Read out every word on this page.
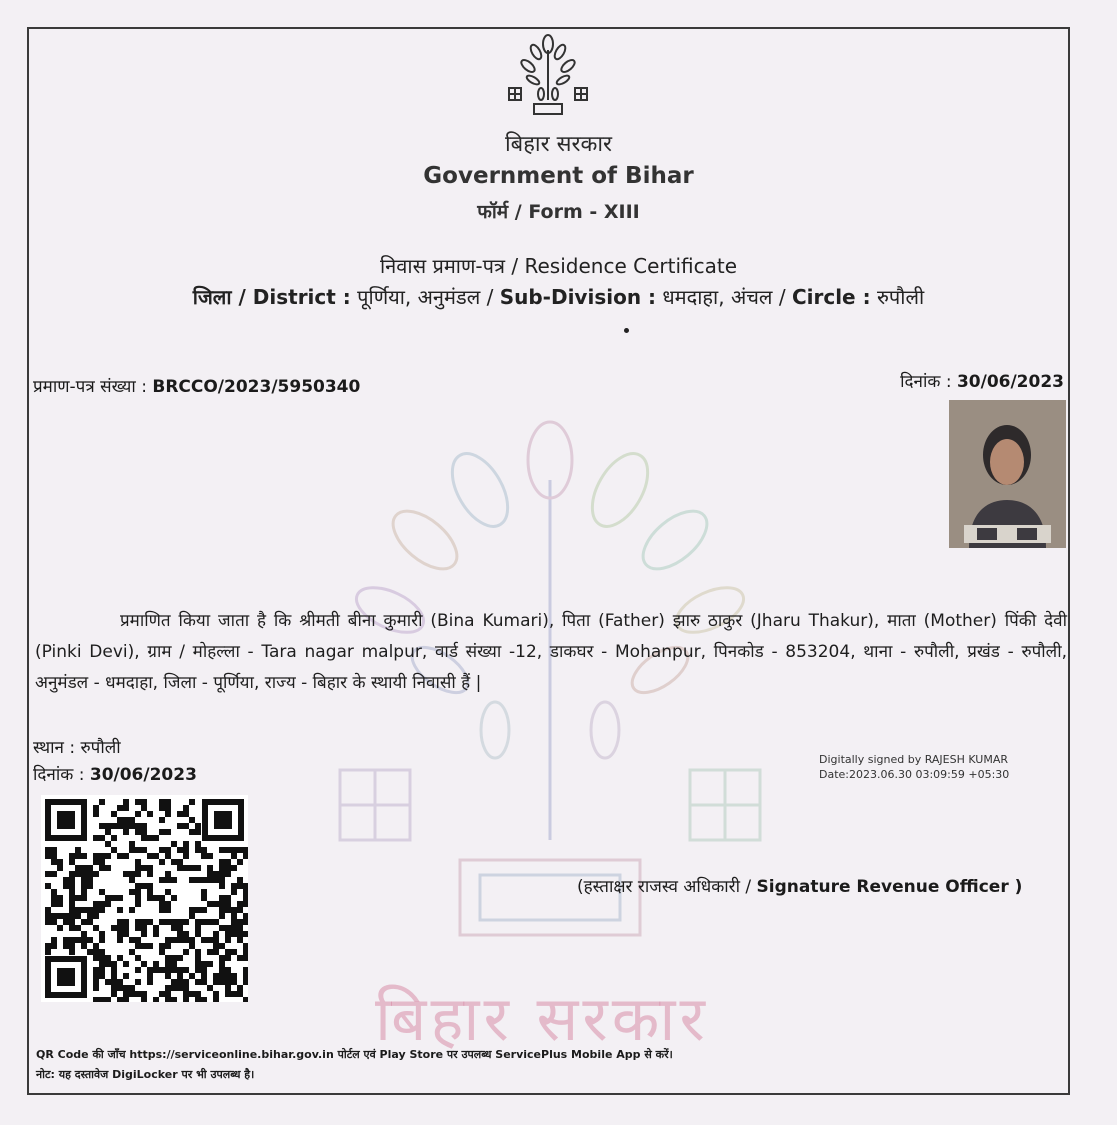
बिहार सरकार
Government of Bihar
फॉर्म / Form - XIII
निवास प्रमाण-पत्र / Residence Certificate
जिला / District : पूर्णिया, अनुमंडल / Sub-Division : धमदाहा, अंचल / Circle : रुपौली
प्रमाण-पत्र संख्या : BRCCO/2023/5950340	दिनांक : 30/06/2023
बिहार सरकार
प्रमाणित किया जाता है कि श्रीमती बीना कुमारी (Bina Kumari), पिता (Father) झारु ठाकुर (Jharu Thakur), माता (Mother) पिंकी देवी (Pinki Devi), ग्राम / मोहल्ला - Tara nagar malpur, वार्ड संख्या -12, डाकघर - Mohanpur, पिनकोड - 853204, थाना - रुपौली, प्रखंड - रुपौली, अनुमंडल - धमदाहा, जिला - पूर्णिया, राज्य - बिहार के स्थायी निवासी हैं |
स्थान : रुपौली
दिनांक : 30/06/2023
Digitally signed by RAJESH KUMAR
Date:2023.06.30 03:09:59 +05:30
(हस्ताक्षर राजस्व अधिकारी / Signature Revenue Officer )
QR Code की जाँच https://serviceonline.bihar.gov.in पोर्टल एवं Play Store पर उपलब्ध ServicePlus Mobile App से करें।
नोट: यह दस्तावेज DigiLocker पर भी उपलब्ध है।
